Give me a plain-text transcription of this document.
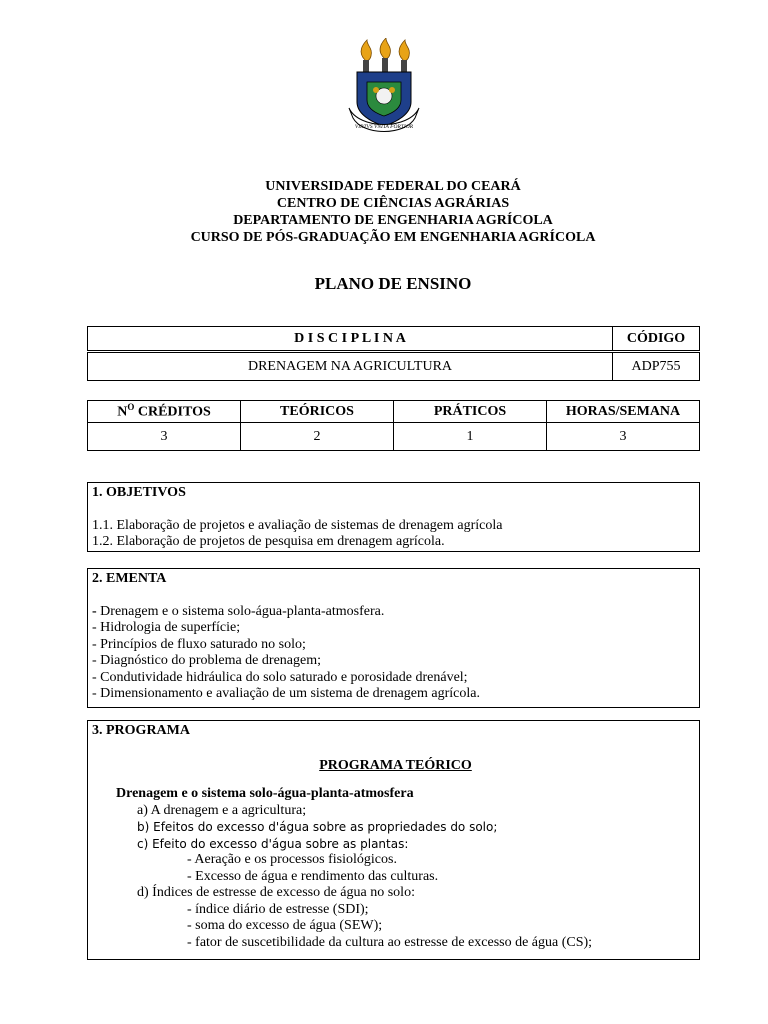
VIRTVS VNITA FORTIOR
UNIVERSIDADE FEDERAL DO CEARÁ
CENTRO DE CIÊNCIAS AGRÁRIAS
DEPARTAMENTO DE ENGENHARIA AGRÍCOLA
CURSO DE PÓS-GRADUAÇÃO EM ENGENHARIA AGRÍCOLA
PLANO DE ENSINO
D I S C I P L I N A	CÓDIGO
DRENAGEM NA AGRICULTURA	ADP755
$N^O$ CRÉDITOS	TEÓRICOS	PRÁTICOS	HORAS/SEMANA
3	2	1	3
1. OBJETIVOS
1.1. Elaboração de projetos e avaliação de sistemas de drenagem agrícola
1.2. Elaboração de projetos de pesquisa em drenagem agrícola.
2. EMENTA
- Drenagem e o sistema solo-água-planta-atmosfera.
- Hidrologia de superfície;
- Princípios de fluxo saturado no solo;
- Diagnóstico do problema de drenagem;
- Condutividade hidráulica do solo saturado e porosidade drenável;
- Dimensionamento e avaliação de um sistema de drenagem agrícola.
3. PROGRAMA
PROGRAMA TEÓRICO
Drenagem e o sistema solo-água-planta-atmosfera
a) A drenagem e a agricultura;
b) Efeitos do excesso d'água sobre as propriedades do solo;
c) Efeito do excesso d'água sobre as plantas:
- Aeração e os processos fisiológicos.
- Excesso de água e rendimento das culturas.
d) Índices de estresse de excesso de água no solo:
- índice diário de estresse (SDI);
- soma do excesso de água (SEW);
- fator de suscetibilidade da cultura ao estresse de excesso de água (CS);
